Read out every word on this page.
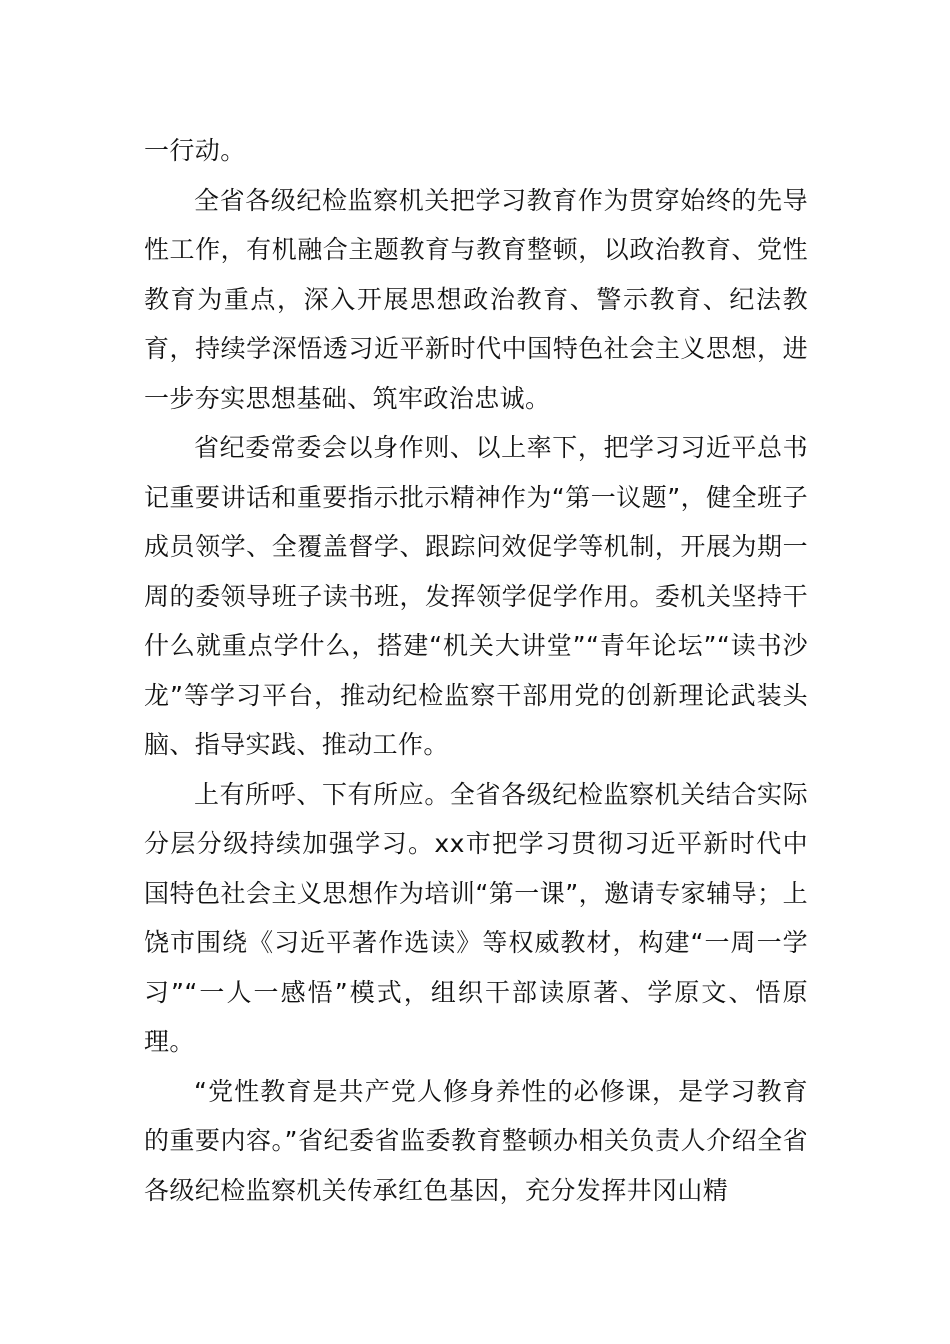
一行动。

全省各级纪检监察机关把学习教育作为贯穿始终的先导性工作，有机融合主题教育与教育整顿，以政治教育、党性教育为重点，深入开展思想政治教育、警示教育、纪法教育，持续学深悟透习近平新时代中国特色社会主义思想，进一步夯实思想基础、筑牢政治忠诚。

省纪委常委会以身作则、以上率下，把学习习近平总书记重要讲话和重要指示批示精神作为“第一议题”，健全班子成员领学、全覆盖督学、跟踪问效促学等机制，开展为期一周的委领导班子读书班，发挥领学促学作用。委机关坚持干什么就重点学什么，搭建“机关大讲堂”“青年论坛”“读书沙龙”等学习平台，推动纪检监察干部用党的创新理论武装头脑、指导实践、推动工作。

上有所呼、下有所应。全省各级纪检监察机关结合实际分层分级持续加强学习。xx市把学习贯彻习近平新时代中国特色社会主义思想作为培训“第一课”，邀请专家辅导；上饶市围绕《习近平著作选读》等权威教材，构建“一周一学习”“一人一感悟”模式，组织干部读原著、学原文、悟原理。

“党性教育是共产党人修身养性的必修课，是学习教育的重要内容。”省纪委省监委教育整顿办相关负责人介绍全省各级纪检监察机关传承红色基因，充分发挥井冈山精
